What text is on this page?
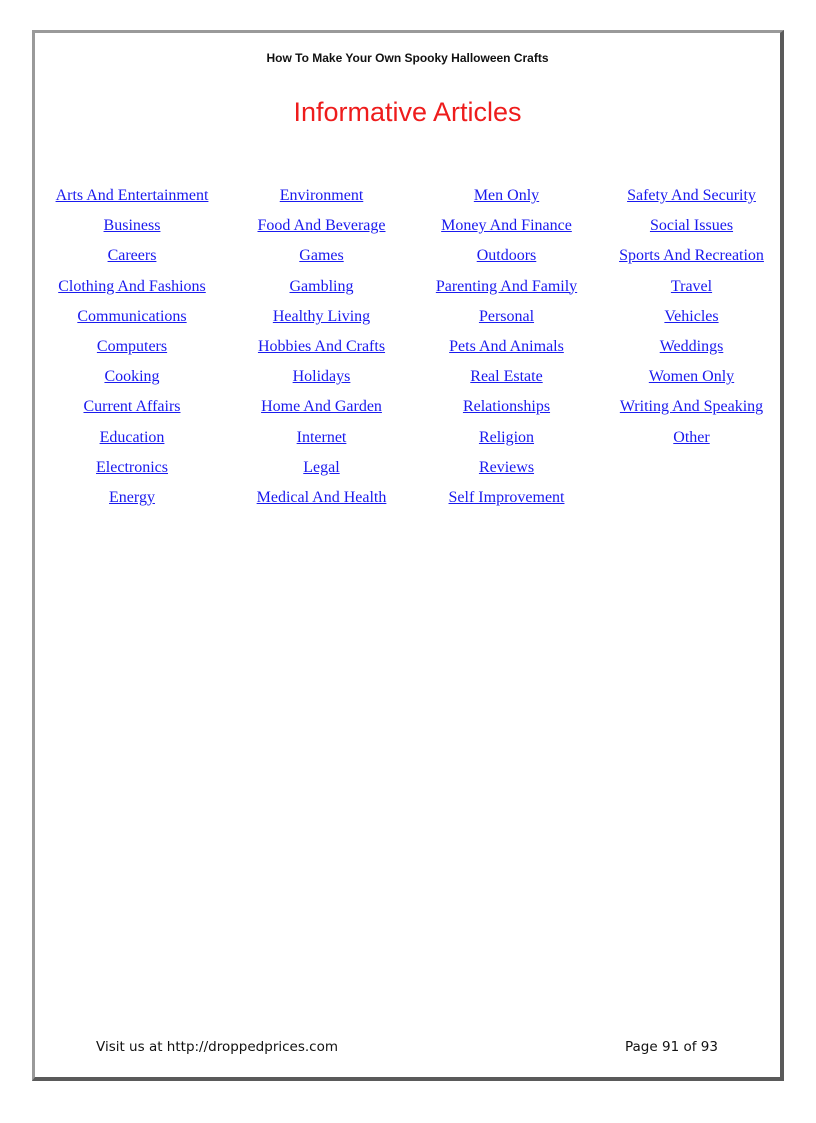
How To Make Your Own Spooky Halloween Crafts
Informative Articles
Arts And Entertainment
Business
Careers
Clothing And Fashions
Communications
Computers
Cooking
Current Affairs
Education
Electronics
Energy
Environment
Food And Beverage
Games
Gambling
Healthy Living
Hobbies And Crafts
Holidays
Home And Garden
Internet
Legal
Medical And Health
Men Only
Money And Finance
Outdoors
Parenting And Family
Personal
Pets And Animals
Real Estate
Relationships
Religion
Reviews
Self Improvement
Safety And Security
Social Issues
Sports And Recreation
Travel
Vehicles
Weddings
Women Only
Writing And Speaking
Other
Visit us at http://droppedprices.com	Page 91 of 93
